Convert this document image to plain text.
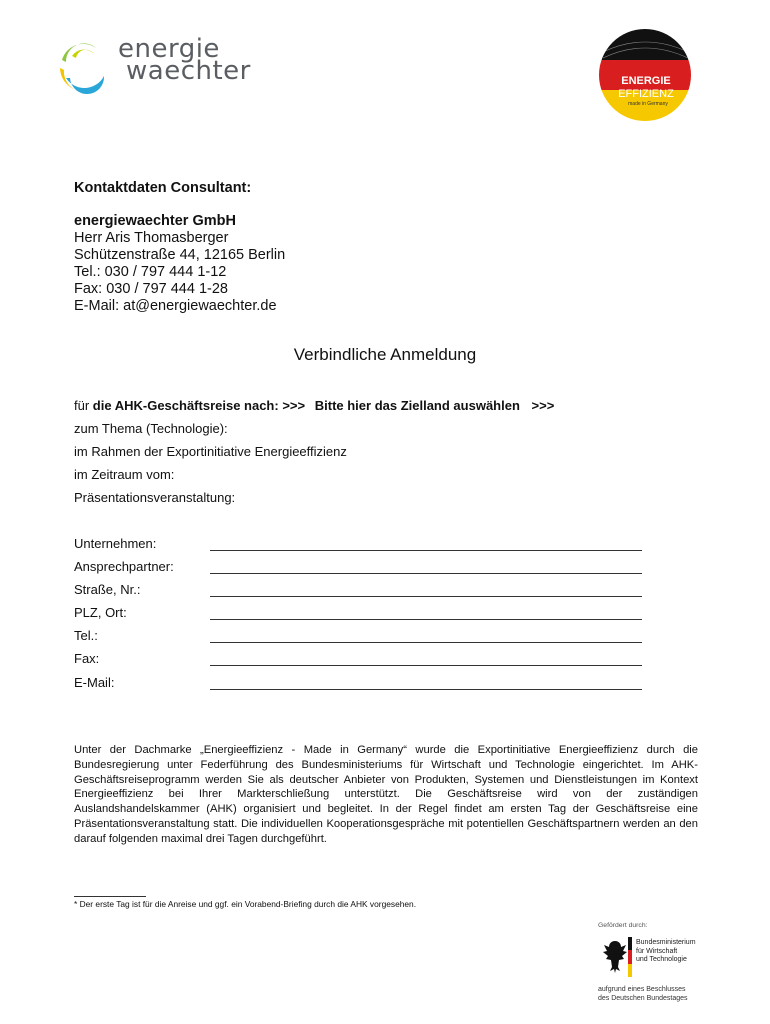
energie
waechter	ENERGIE
EFFIZIENZ
made in Germany
Kontaktdaten Consultant:
energiewaechter GmbH
Herr Aris Thomasberger
Schützenstraße 44, 12165 Berlin
Tel.: 030 / 797 444 1-12
Fax: 030 / 797 444 1-28
E-Mail: at@energiewaechter.de
Verbindliche Anmeldung
für die AHK-Geschäftsreise nach: >>> Bitte hier das Zielland auswählen >>>
zum Thema (Technologie):
im Rahmen der Exportinitiative Energieeffizienz
im Zeitraum vom:
Präsentationsveranstaltung:
Unternehmen:
Ansprechpartner:
Straße, Nr.:
PLZ, Ort:
Tel.:
Fax:
E-Mail:
Unter der Dachmarke „Energieeffizienz - Made in Germany“ wurde die Exportinitiative Energieeffizienz durch die Bundesregierung unter Federführung des Bundesministeriums für Wirtschaft und Technologie eingerichtet. Im AHK-Geschäftsreiseprogramm werden Sie als deutscher Anbieter von Produkten, Systemen und Dienstleistungen im Kontext Energieeffizienz bei Ihrer Markterschließung unterstützt. Die Geschäftsreise wird von der zuständigen Auslandshandelskammer (AHK) organisiert und begleitet. In der Regel findet am ersten Tag der Geschäftsreise eine Präsentationsveranstaltung statt. Die individuellen Kooperationsgespräche mit potentiellen Geschäftspartnern werden an den darauf folgenden maximal drei Tagen durchgeführt.
* Der erste Tag ist für die Anreise und ggf. ein Vorabend-Briefing durch die AHK vorgesehen.
Gefördert durch:
Bundesministerium
für Wirtschaft
und Technologie
aufgrund eines Beschlusses
des Deutschen Bundestages
